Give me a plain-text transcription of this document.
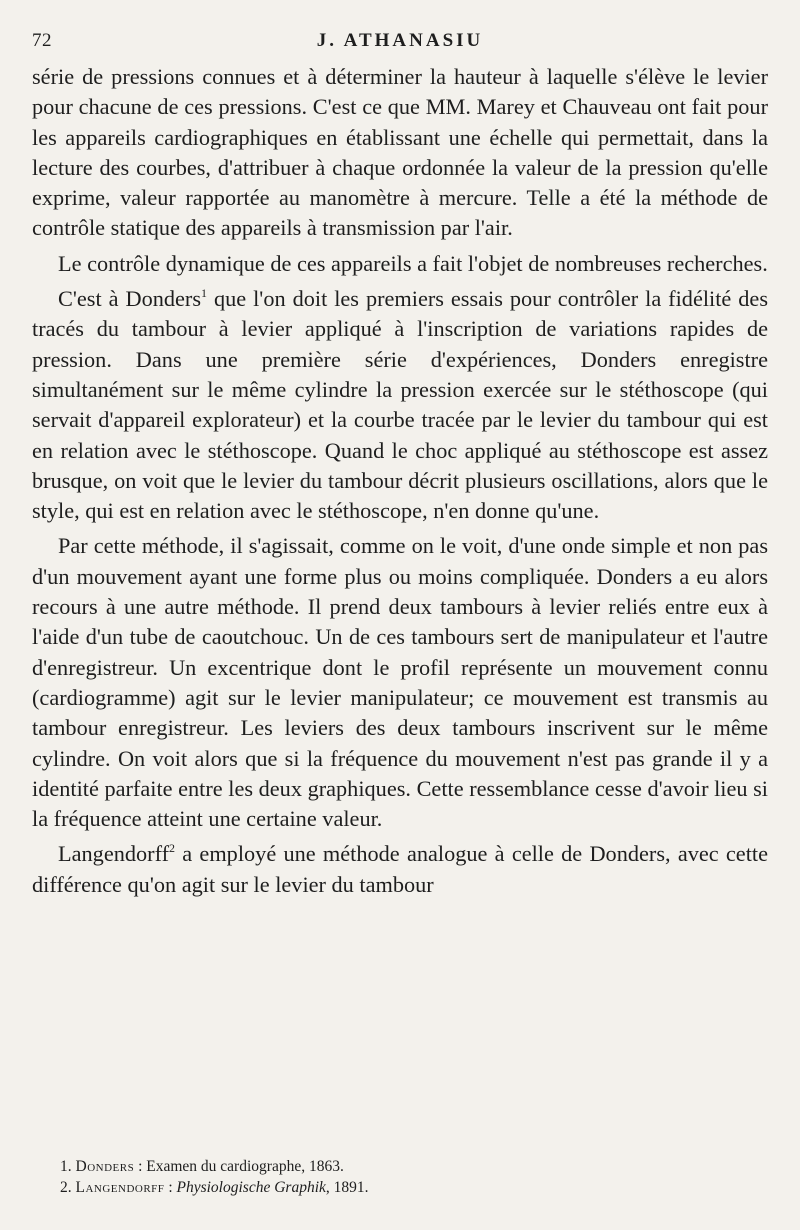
72	J. ATHANASIU

série de pressions connues et à déterminer la hauteur à laquelle s'élève le levier pour chacune de ces pressions. C'est ce que MM. Marey et Chauveau ont fait pour les appareils cardiographiques en établissant une échelle qui permettait, dans la lecture des courbes, d'attribuer à chaque ordonnée la valeur de la pression qu'elle exprime, valeur rapportée au manomètre à mercure. Telle a été la méthode de contrôle statique des appareils à transmission par l'air.

Le contrôle dynamique de ces appareils a fait l'objet de nombreuses recherches.

C'est à Donders$^1$ que l'on doit les premiers essais pour contrôler la fidélité des tracés du tambour à levier appliqué à l'inscription de variations rapides de pression. Dans une première série d'expériences, Donders enregistre simultanément sur le même cylindre la pression exercée sur le stéthoscope (qui servait d'appareil explorateur) et la courbe tracée par le levier du tambour qui est en relation avec le stéthoscope. Quand le choc appliqué au stéthoscope est assez brusque, on voit que le levier du tambour décrit plusieurs oscillations, alors que le style, qui est en relation avec le stéthoscope, n'en donne qu'une.

Par cette méthode, il s'agissait, comme on le voit, d'une onde simple et non pas d'un mouvement ayant une forme plus ou moins compliquée. Donders a eu alors recours à une autre méthode. Il prend deux tambours à levier reliés entre eux à l'aide d'un tube de caoutchouc. Un de ces tambours sert de manipulateur et l'autre d'enregistreur. Un excentrique dont le profil représente un mouvement connu (cardiogramme) agit sur le levier manipulateur; ce mouvement est transmis au tambour enregistreur. Les leviers des deux tambours inscrivent sur le même cylindre. On voit alors que si la fréquence du mouvement n'est pas grande il y a identité parfaite entre les deux graphiques. Cette ressemblance cesse d'avoir lieu si la fréquence atteint une certaine valeur.

Langendorff$^2$ a employé une méthode analogue à celle de Donders, avec cette différence qu'on agit sur le levier du tambour

1. Donders : Examen du cardiographe, 1863.

2. Langendorff : Physiologische Graphik, 1891.
